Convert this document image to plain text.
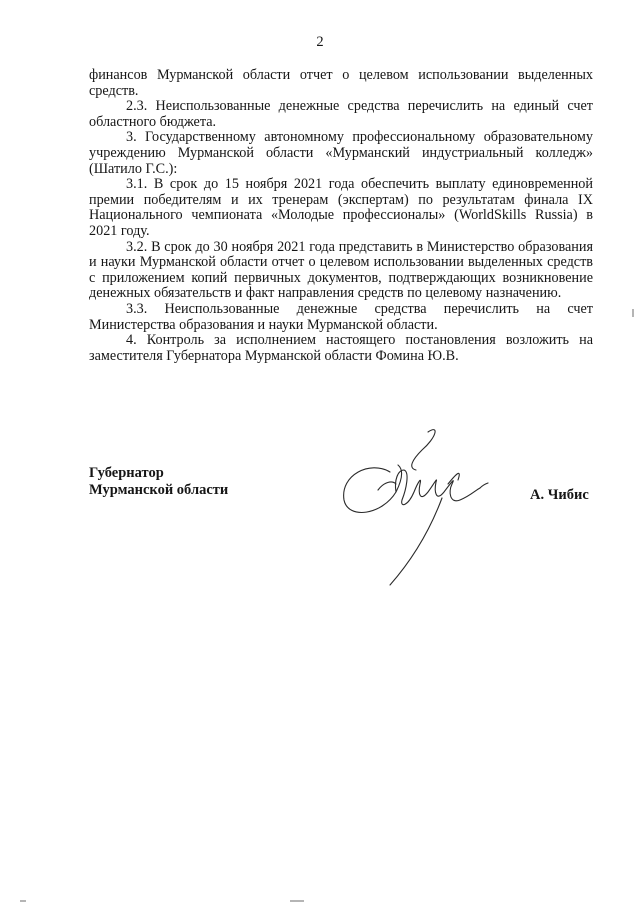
2

финансов Мурманской области отчет о целевом использовании выделенных средств.

2.3. Неиспользованные денежные средства перечислить на единый счет областного бюджета.

3. Государственному автономному профессиональному образовательному учреждению Мурманской области «Мурманский индустриальный колледж» (Шатило Г.С.):

3.1. В срок до 15 ноября 2021 года обеспечить выплату единовременной премии победителям и их тренерам (экспертам) по результатам финала IX Национального чемпионата «Молодые профессионалы» (WorldSkills Russia) в 2021 году.

3.2. В срок до 30 ноября 2021 года представить в Министерство образования и науки Мурманской области отчет о целевом использовании выделенных средств с приложением копий первичных документов, подтверждающих возникновение денежных обязательств и факт направления средств по целевому назначению.

3.3. Неиспользованные денежные средства перечислить на счет Министерства образования и науки Мурманской области.

4. Контроль за исполнением настоящего постановления возложить на заместителя Губернатора Мурманской области Фомина Ю.В.

Губернатор
Мурманской области	А. Чибис
